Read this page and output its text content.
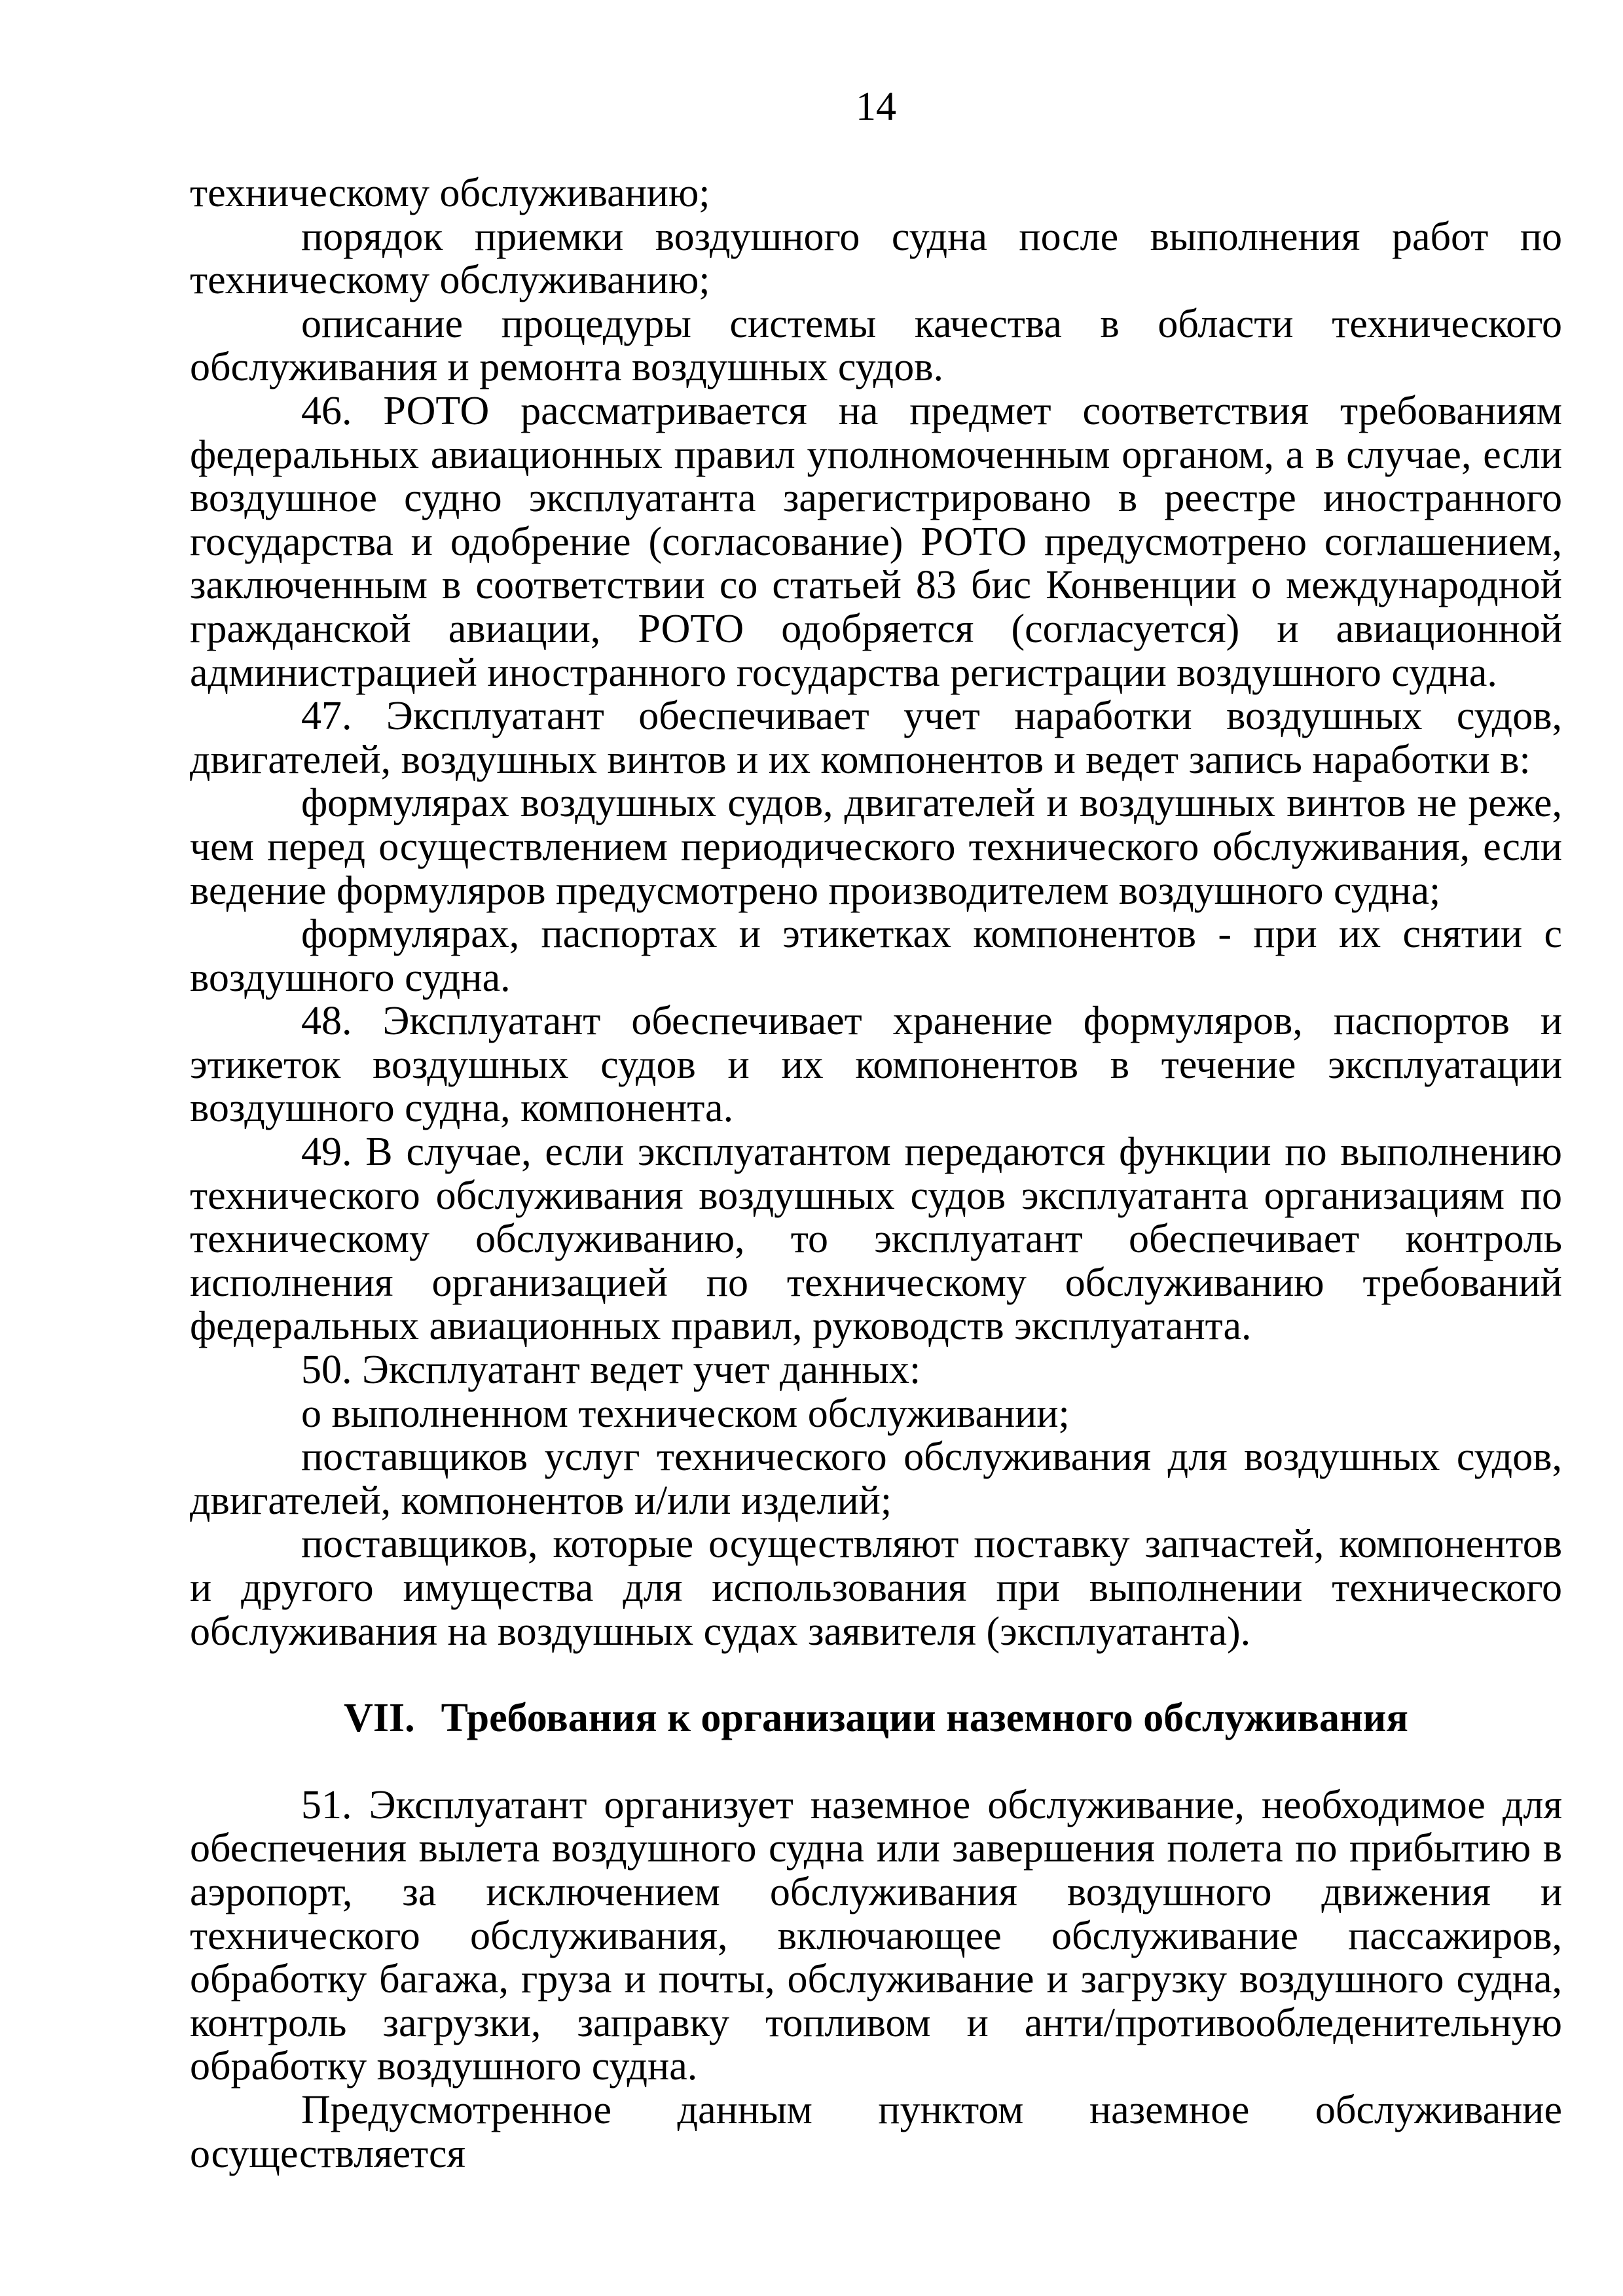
14

техническому обслуживанию;

порядок приемки воздушного судна после выполнения работ по техническому обслуживанию;

описание процедуры системы качества в области технического обслуживания и ремонта воздушных судов.

46. РОТО рассматривается на предмет соответствия требованиям федеральных авиационных правил уполномоченным органом, а в случае, если воздушное судно эксплуатанта зарегистрировано в реестре иностранного государства и одобрение (согласование) РОТО предусмотрено соглашением, заключенным в соответствии со статьей 83 бис Конвенции о международной гражданской авиации, РОТО одобряется (согласуется) и авиационной администрацией иностранного государства регистрации воздушного судна.

47. Эксплуатант обеспечивает учет наработки воздушных судов, двигателей, воздушных винтов и их компонентов и ведет запись наработки в:

формулярах воздушных судов, двигателей и воздушных винтов не реже, чем перед осуществлением периодического технического обслуживания, если ведение формуляров предусмотрено производителем воздушного судна;

формулярах, паспортах и этикетках компонентов - при их снятии с воздушного судна.

48. Эксплуатант обеспечивает хранение формуляров, паспортов и этикеток воздушных судов и их компонентов в течение эксплуатации воздушного судна, компонента.

49. В случае, если эксплуатантом передаются функции по выполнению технического обслуживания воздушных судов эксплуатанта организациям по техническому обслуживанию, то эксплуатант обеспечивает контроль исполнения организацией по техническому обслуживанию требований федеральных авиационных правил, руководств эксплуатанта.

50. Эксплуатант ведет учет данных:

о выполненном техническом обслуживании;

поставщиков услуг технического обслуживания для воздушных судов, двигателей, компонентов и/или изделий;

поставщиков, которые осуществляют поставку запчастей, компонентов и другого имущества для использования при выполнении технического обслуживания на воздушных судах заявителя (эксплуатанта).

VII. Требования к организации наземного обслуживания

51. Эксплуатант организует наземное обслуживание, необходимое для обеспечения вылета воздушного судна или завершения полета по прибытию в аэропорт, за исключением обслуживания воздушного движения и технического обслуживания, включающее обслуживание пассажиров, обработку багажа, груза и почты, обслуживание и загрузку воздушного судна, контроль загрузки, заправку топливом и анти/противообледенительную обработку воздушного судна.

Предусмотренное данным пунктом наземное обслуживание осуществляется
